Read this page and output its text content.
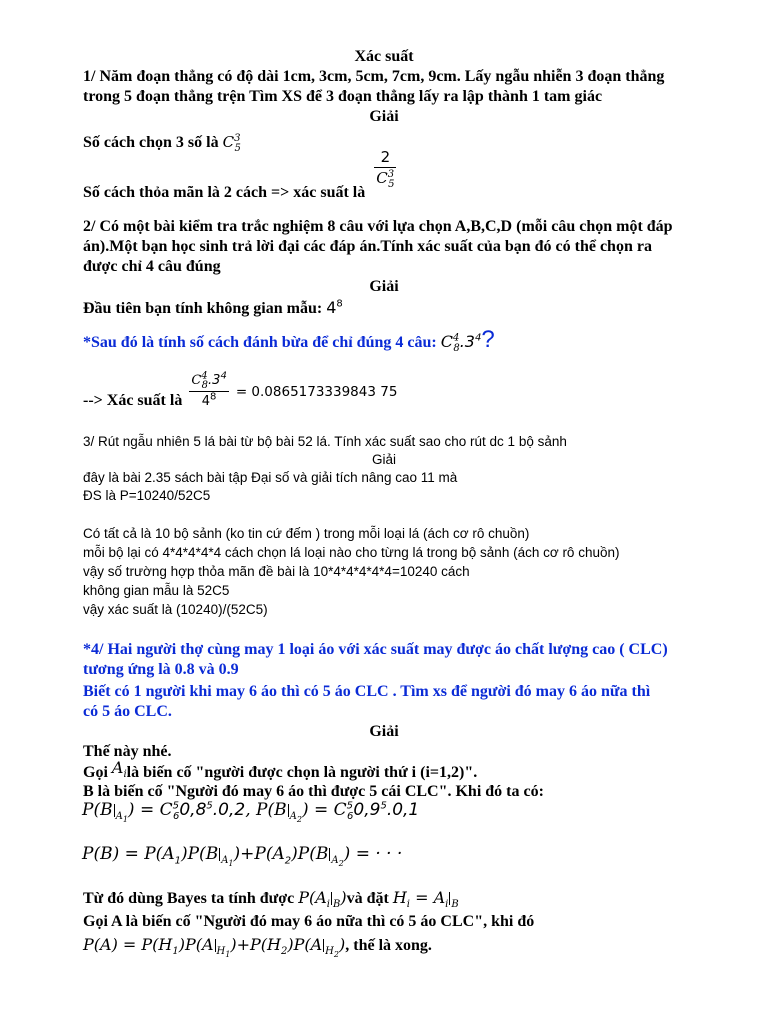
Xác suất
1/ Năm đoạn thẳng có độ dài 1cm, 3cm, 5cm, 7cm, 9cm. Lấy ngẫu nhiễn 3 đoạn thẳng
trong 5 đoạn thẳng trện Tìm XS để 3 đoạn thẳng lấy ra lập thành 1 tam giác
Giải
Số cách chọn 3 số là $C^3_5$
Số cách thỏa mãn là 2 cách => xác suất là
$\frac{2}{C^3_5}$
2/ Có một bài kiểm tra trắc nghiệm 8 câu với lựa chọn A,B,C,D (mỗi câu chọn một đáp
án).Một bạn học sinh trả lời đại các đáp án.Tính xác suất của bạn đó có thể chọn ra
được chỉ 4 câu đúng
Giải
Đầu tiên bạn tính không gian mẫu: $4^8$
*Sau đó là tính số cách đánh bừa để chỉ đúng 4 câu: $C^4_8.3^4$?
--> Xác suất là $\frac{C^4_8.3^4}{4^8} = 0.0865173339843$ 75
3/ Rút ngẫu nhiên 5 lá bài từ bộ bài 52 lá. Tính xác suất sao cho rút dc 1 bộ sảnh
Giải
đây là bài 2.35 sách bài tập Đại số và giải tích nâng cao 11 mà
ĐS là P=10240/52C5
Có tất cả là 10 bộ sảnh (ko tin cứ đếm ) trong mỗi loại lá (ách cơ rô chuồn)
mỗi bộ lại có 4*4*4*4*4 cách chọn lá loại nào cho từng lá trong bộ sảnh (ách cơ rô chuồn)
vậy số trường hợp thỏa mãn đề bài là 10*4*4*4*4*4=10240 cách
không gian mẫu là 52C5
vậy xác suất là (10240)/(52C5)
*4/ Hai người thợ cùng may 1 loại áo với xác suất may được áo chất lượng cao ( CLC)
tương ứng là 0.8 và 0.9
Biết có 1 người khi may 6 áo thì có 5 áo CLC . Tìm xs để người đó may 6 áo nữa thì
có 5 áo CLC.
Giải
Thế này nhé.
Gọi $A_ilà$ biến cố "người được chọn là người thứ i (i=1,2)".
B là biến cố "Người đó may 6 áo thì được 5 cái CLC". Khi đó ta có:
P(B $_{A_1}) = C^5_60,8^5.0,2$, P(B $_{A_2}) = C^5_60,9^5.0,1$
$P(B) = P(A_1)P(B$ $_{A_1})+P(A_2)P(B$ $_{A_2}$) = · · ·
Từ đó dùng Bayes ta tính được $P(A_i$ $_B$)và đặt $H_i = A_i$ $_B$
Gọi A là biến cố "Người đó may 6 áo nữa thì có 5 áo CLC", khi đó
$P(A) = P(H_1)P(A$ $_{H_1})+P(H_2)P(A$ $_{H_2}$), thế là xong.
